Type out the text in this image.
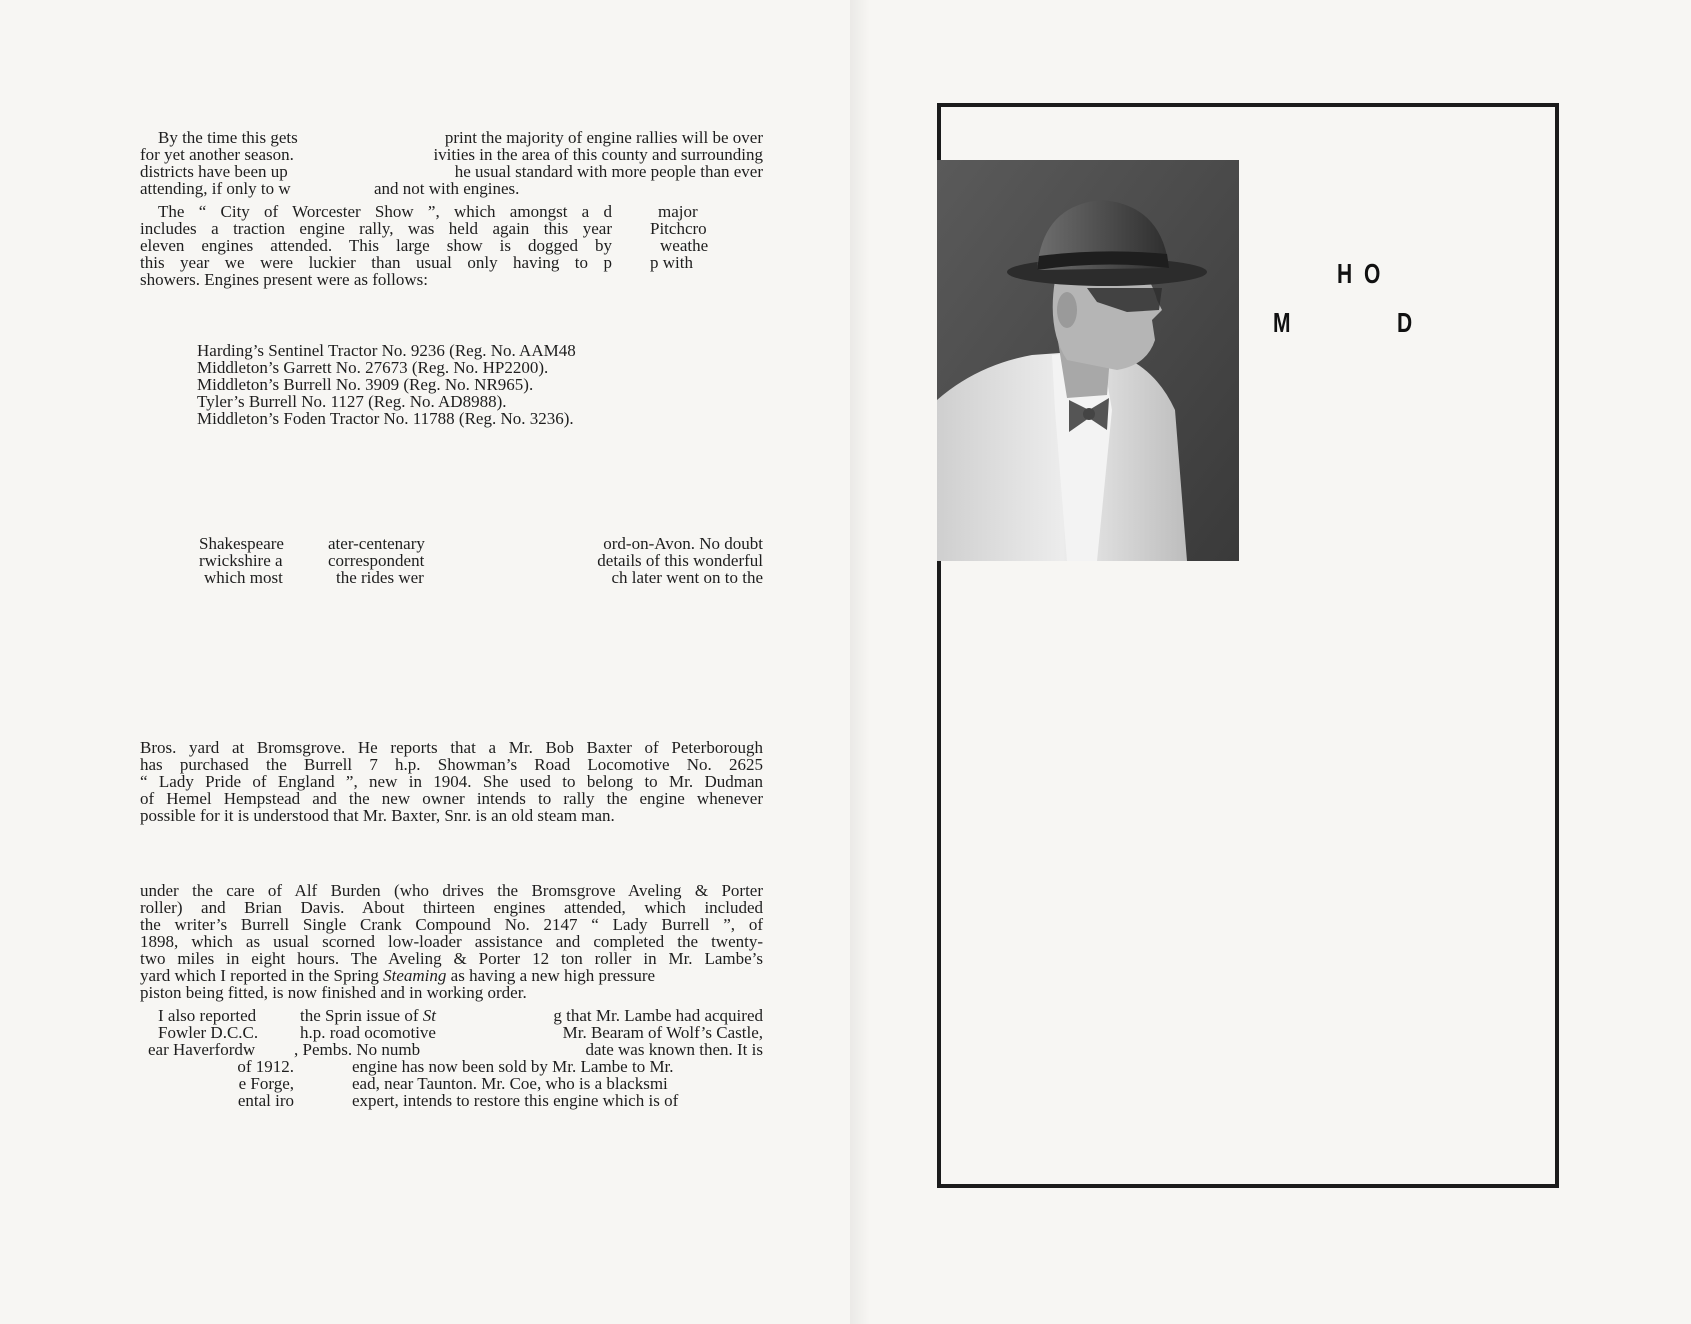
By the time this gets	print the majority of engine rallies will be over
for yet another season.	ivities in the area of this county and surrounding
districts have been up	he usual standard with more people than ever
attending, if only to w	and not with engines.
The “ City of Worcester Show ”, which amongst a d	major
includes a traction engine rally, was held again this year Pitchcro
eleven engines attended. This large show is dogged by	weathe
this year we were luckier than usual only having to p p with
showers. Engines present were as follows:
Harding’s Sentinel Tractor No. 9236 (Reg. No. AAM48
Middleton’s Garrett No. 27673 (Reg. No. HP2200).
Middleton’s Burrell No. 3909 (Reg. No. NR965).
Tyler’s Burrell No. 1127 (Reg. No. AD8988).
Middleton’s Foden Tractor No. 11788 (Reg. No. 3236).
Shakespeare	ater-centenary	ord-on-Avon. No doubt
rwickshire a	correspondent	details of this wonderful
which most	the rides wer	ch later went on to the
Bros. yard at Bromsgrove. He reports that a Mr. Bob Baxter of Peterborough
has purchased the Burrell 7 h.p. Showman’s Road Locomotive No. 2625
“ Lady Pride of England ”, new in 1904. She used to belong to Mr. Dudman
of Hemel Hempstead and the new owner intends to rally the engine whenever
possible for it is understood that Mr. Baxter, Snr. is an old steam man.
under the care of Alf Burden (who drives the Bromsgrove Aveling & Porter
roller) and Brian Davis. About thirteen engines attended, which included
the writer’s Burrell Single Crank Compound No. 2147 “ Lady Burrell ”, of
1898, which as usual scorned low-loader assistance and completed the twenty-
two miles in eight hours. The Aveling & Porter 12 ton roller in Mr. Lambe’s
yard which I reported in the Spring Steaming as having a new high pressure
piston being fitted, is now finished and in working order.
I also reported	the Sprin issue of St	g that Mr. Lambe had acquired
Fowler D.C.C. h.p. road ocomotive	Mr. Bearam of Wolf’s Castle,
ear Haverfordw , Pembs. No numb	date was known then. It is
of 1912.	engine has now been sold by Mr. Lambe to Mr.
e Forge,	ead, near Taunton. Mr. Coe, who is a blacksmi
ental iro	expert, intends to restore this engine which is of
H O
M	D
